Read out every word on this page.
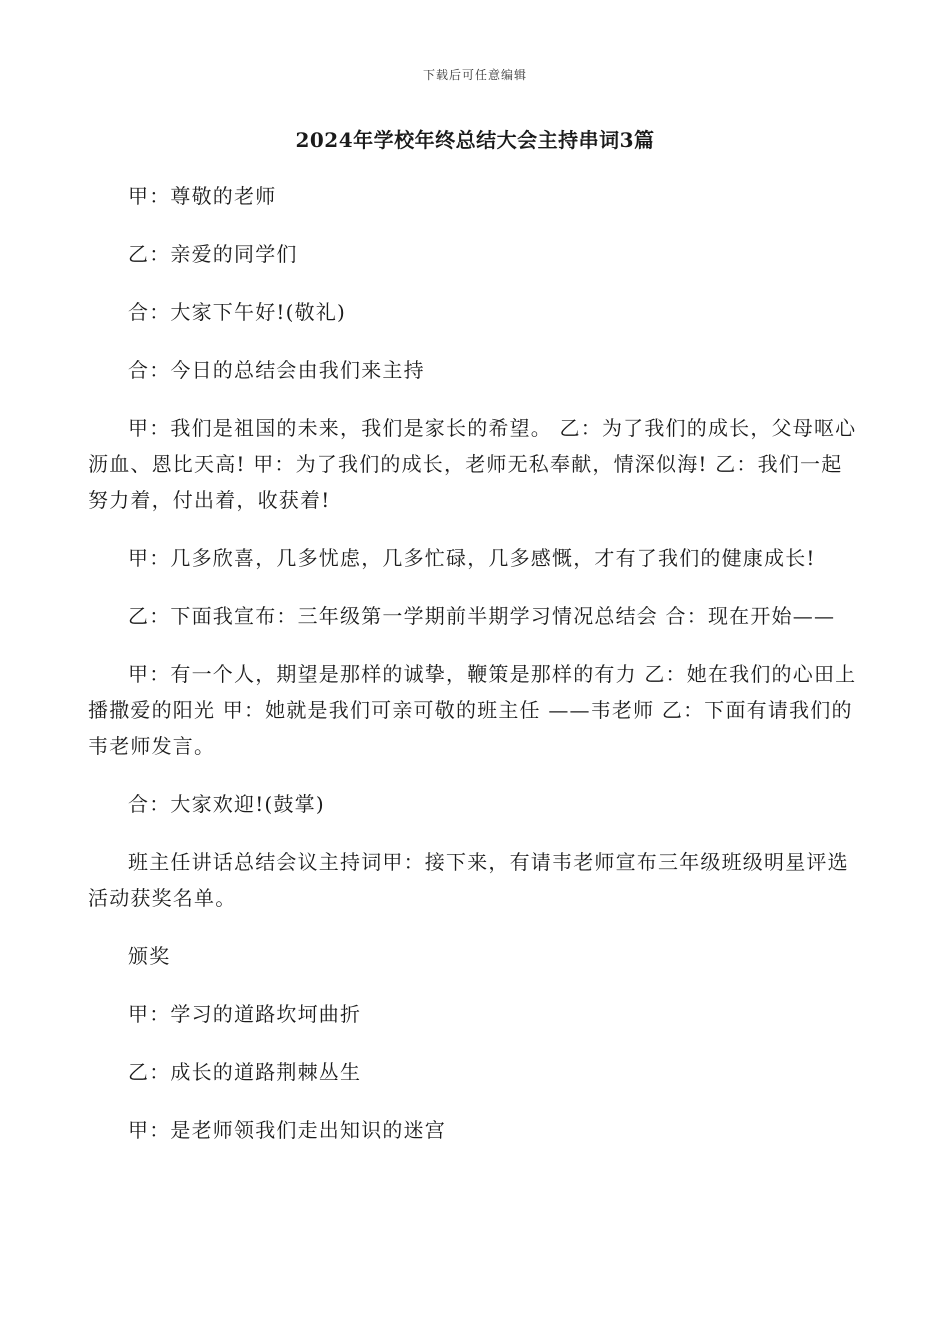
下载后可任意编辑
2024年学校年终总结大会主持串词3篇

甲：尊敬的老师

乙：亲爱的同学们

合：大家下午好!(敬礼)

合：今日的总结会由我们来主持

甲：我们是祖国的未来，我们是家长的希望。 乙：为了我们的成长，父母呕心沥血、恩比天高! 甲：为了我们的成长，老师无私奉献，情深似海! 乙：我们一起努力着，付出着，收获着!

甲：几多欣喜，几多忧虑，几多忙碌，几多感慨，才有了我们的健康成长!

乙：下面我宣布：三年级第一学期前半期学习情况总结会 合：现在开始——

甲：有一个人，期望是那样的诚挚，鞭策是那样的有力 乙：她在我们的心田上播撒爱的阳光 甲：她就是我们可亲可敬的班主任 ——韦老师 乙：下面有请我们的韦老师发言。

合：大家欢迎!(鼓掌)

班主任讲话总结会议主持词甲：接下来，有请韦老师宣布三年级班级明星评选活动获奖名单。

颁奖

甲：学习的道路坎坷曲折

乙：成长的道路荆棘丛生

甲：是老师领我们走出知识的迷宫
